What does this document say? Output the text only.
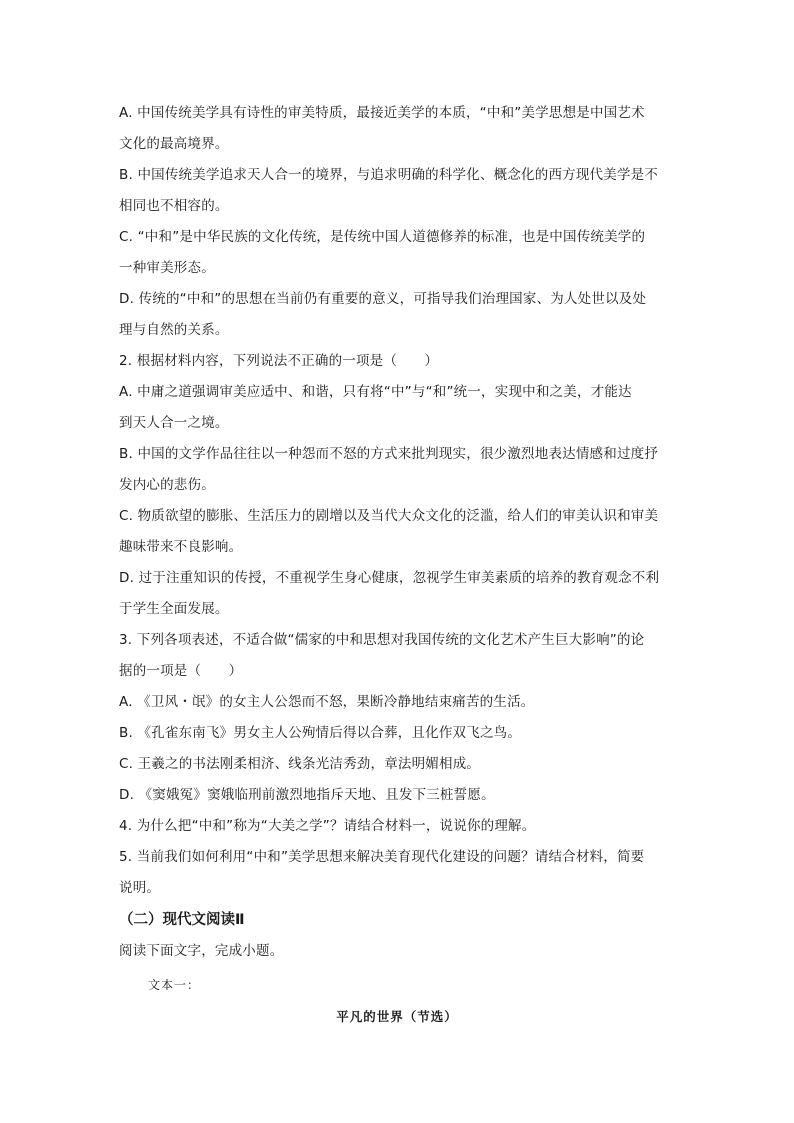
A. 中国传统美学具有诗性的审美特质，最接近美学的本质，“中和”美学思想是中国艺术
文化的最高境界。
B. 中国传统美学追求天人合一的境界，与追求明确的科学化、概念化的西方现代美学是不
相同也不相容的。
C. “中和”是中华民族的文化传统，是传统中国人道德修养的标准，也是中国传统美学的
一种审美形态。
D. 传统的“中和”的思想在当前仍有重要的意义，可指导我们治理国家、为人处世以及处
理与自然的关系。
2. 根据材料内容，下列说法不正确的一项是（　　）
A. 中庸之道强调审美应适中、和谐，只有将“中”与“和”统一，实现中和之美，才能达
到天人合一之境。
B. 中国的文学作品往往以一种怨而不怒的方式来批判现实，很少激烈地表达情感和过度抒
发内心的悲伤。
C. 物质欲望的膨胀、生活压力的剧增以及当代大众文化的泛滥，给人们的审美认识和审美
趣味带来不良影响。
D. 过于注重知识的传授，不重视学生身心健康，忽视学生审美素质的培养的教育观念不利
于学生全面发展。
3. 下列各项表述，不适合做“儒家的中和思想对我国传统的文化艺术产生巨大影响”的论
据的一项是（　　）
A. 《卫风・氓》的女主人公怨而不怒，果断冷静地结束痛苦的生活。
B. 《孔雀东南飞》男女主人公殉情后得以合葬，且化作双飞之鸟。
C. 王羲之的书法刚柔相济、线条光洁秀劲，章法明媚相成。
D. 《窦娥冤》窦娥临刑前激烈地指斥天地、且发下三桩誓愿。
4. 为什么把“中和”称为“大美之学”？请结合材料一，说说你的理解。
5. 当前我们如何利用“中和”美学思想来解决美育现代化建设的问题？请结合材料，简要
说明。
（二）现代文阅读Ⅱ
阅读下面文字，完成小题。
文本一：
平凡的世界（节选）
